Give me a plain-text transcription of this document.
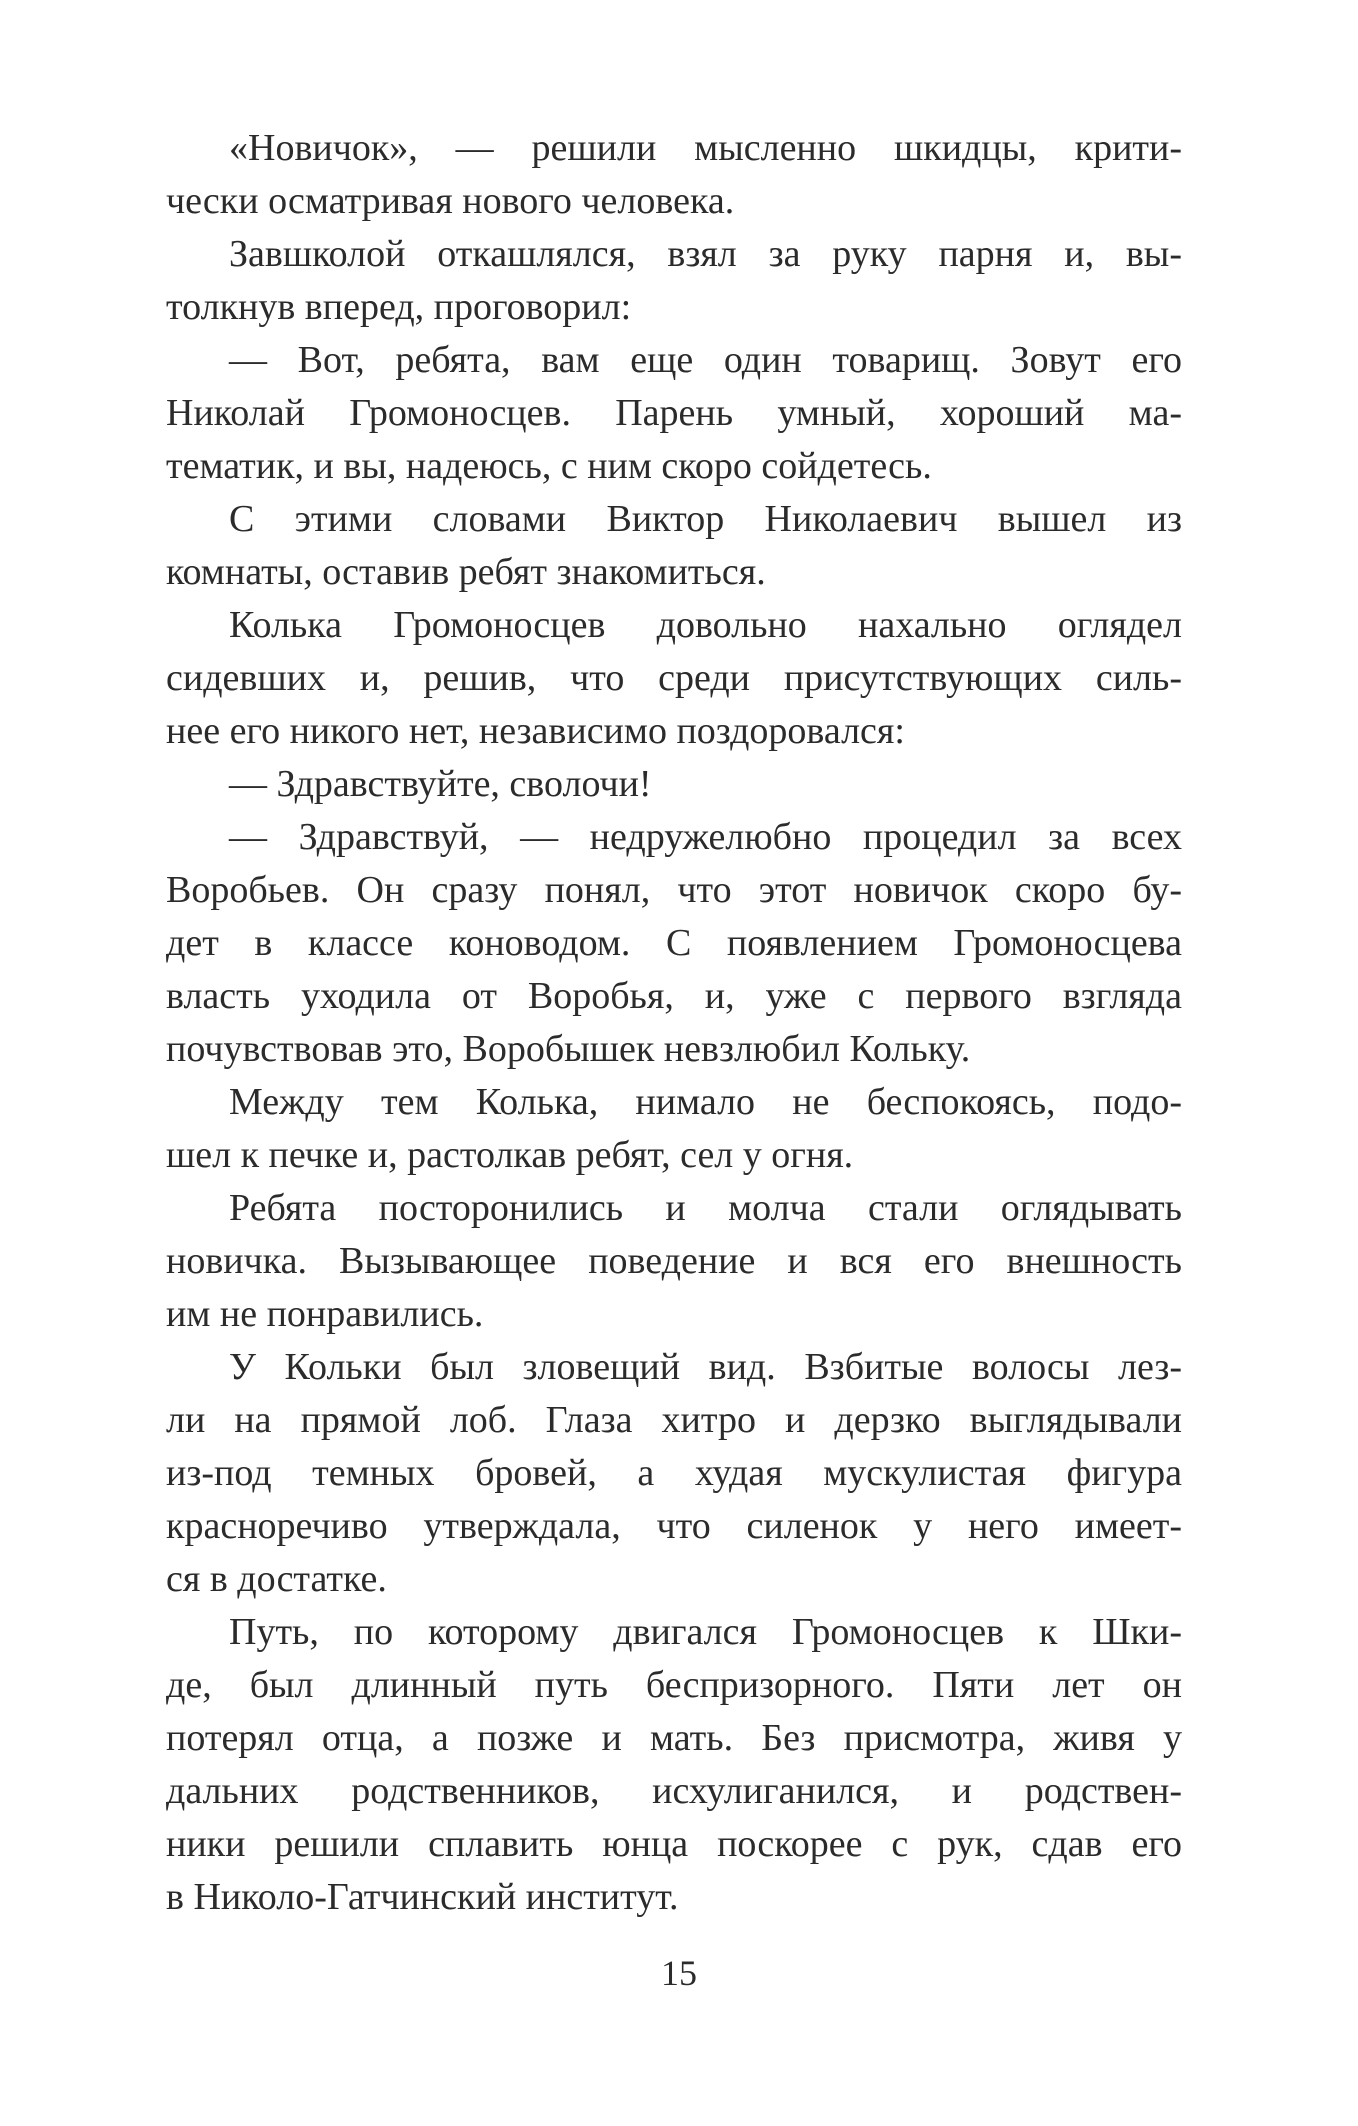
«Новичок», — решили мысленно шкидцы, крити-
чески осматривая нового человека.
Завшколой откашлялся, взял за руку парня и, вы-
толкнув вперед, проговорил:
— Вот, ребята, вам еще один товарищ. Зовут его
Николай Громоносцев. Парень умный, хороший ма-
тематик, и вы, надеюсь, с ним скоро сойдетесь.
С этими словами Виктор Николаевич вышел из
комнаты, оставив ребят знакомиться.
Колька Громоносцев довольно нахально оглядел
сидевших и, решив, что среди присутствующих силь-
нее его никого нет, независимо поздоровался:
— Здравствуйте, сволочи!
— Здравствуй, — недружелюбно процедил за всех
Воробьев. Он сразу понял, что этот новичок скоро бу-
дет в классе коноводом. С появлением Громоносцева
власть уходила от Воробья, и, уже с первого взгляда
почувствовав это, Воробышек невзлюбил Кольку.
Между тем Колька, нимало не беспокоясь, подо-
шел к печке и, растолкав ребят, сел у огня.
Ребята посторонились и молча стали оглядывать
новичка. Вызывающее поведение и вся его внешность
им не понравились.
У Кольки был зловещий вид. Взбитые волосы лез-
ли на прямой лоб. Глаза хитро и дерзко выглядывали
из-под темных бровей, а худая мускулистая фигура
красноречиво утверждала, что силенок у него имеет-
ся в достатке.
Путь, по которому двигался Громоносцев к Шки-
де, был длинный путь беспризорного. Пяти лет он
потерял отца, а позже и мать. Без присмотра, живя у
дальних родственников, исхулиганился, и родствен-
ники решили сплавить юнца поскорее с рук, сдав его
в Николо-Гатчинский институт.
15
